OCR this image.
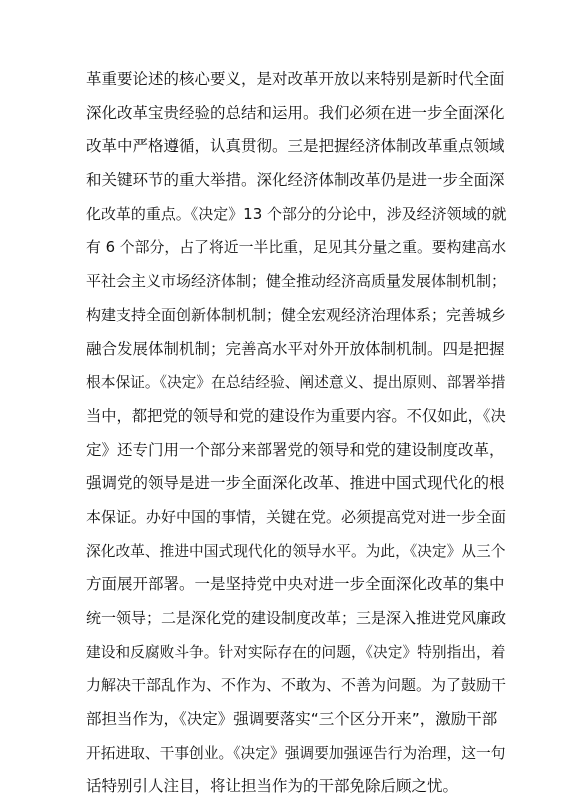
革重要论述的核心要义，是对改革开放以来特别是新时代全面
深化改革宝贵经验的总结和运用。我们必须在进一步全面深化
改革中严格遵循，认真贯彻。三是把握经济体制改革重点领域
和关键环节的重大举措。深化经济体制改革仍是进一步全面深
化改革的重点。《决定》13 个部分的分论中，涉及经济领域的就
有 6 个部分，占了将近一半比重，足见其分量之重。要构建高水
平社会主义市场经济体制；健全推动经济高质量发展体制机制；
构建支持全面创新体制机制；健全宏观经济治理体系；完善城乡
融合发展体制机制；完善高水平对外开放体制机制。四是把握
根本保证。《决定》在总结经验、阐述意义、提出原则、部署举措
当中，都把党的领导和党的建设作为重要内容。不仅如此，《决
定》还专门用一个部分来部署党的领导和党的建设制度改革，
强调党的领导是进一步全面深化改革、推进中国式现代化的根
本保证。办好中国的事情，关键在党。必须提高党对进一步全面
深化改革、推进中国式现代化的领导水平。为此，《决定》从三个
方面展开部署。一是坚持党中央对进一步全面深化改革的集中
统一领导；二是深化党的建设制度改革；三是深入推进党风廉政
建设和反腐败斗争。针对实际存在的问题，《决定》特别指出，着
力解决干部乱作为、不作为、不敢为、不善为问题。为了鼓励干
部担当作为，《决定》强调要落实“三个区分开来”，激励干部
开拓进取、干事创业。《决定》强调要加强诬告行为治理，这一句
话特别引人注目，将让担当作为的干部免除后顾之忧。
